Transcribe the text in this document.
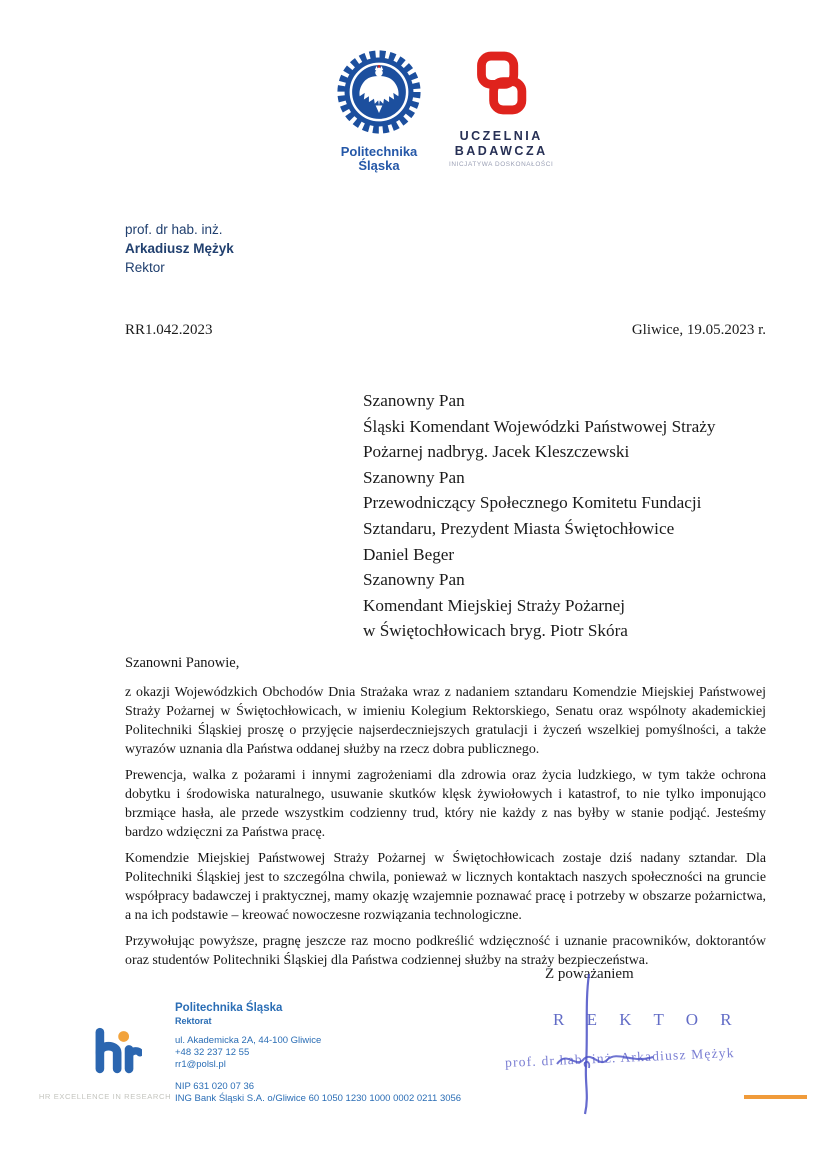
Politechnika
Śląska
UCZELNIA
BADAWCZA
INICJATYWA DOSKONAŁOŚCI
prof. dr hab. inż.
Arkadiusz Mężyk
Rektor
RR1.042.2023	Gliwice, 19.05.2023 r.
Szanowny Pan
Śląski Komendant Wojewódzki Państwowej Straży
Pożarnej nadbryg. Jacek Kleszczewski
Szanowny Pan
Przewodniczący Społecznego Komitetu Fundacji
Sztandaru, Prezydent Miasta Świętochłowice
Daniel Beger
Szanowny Pan
Komendant Miejskiej Straży Pożarnej
w Świętochłowicach bryg. Piotr Skóra
Szanowni Panowie,

z okazji Wojewódzkich Obchodów Dnia Strażaka wraz z nadaniem sztandaru Komendzie Miejskiej Państwowej Straży Pożarnej w Świętochłowicach, w imieniu Kolegium Rektorskiego, Senatu oraz wspólnoty akademickiej Politechniki Śląskiej proszę o przyjęcie najserdeczniejszych gratulacji i życzeń wszelkiej pomyślności, a także wyrazów uznania dla Państwa oddanej służby na rzecz dobra publicznego.

Prewencja, walka z pożarami i innymi zagrożeniami dla zdrowia oraz życia ludzkiego, w tym także ochrona dobytku i środowiska naturalnego, usuwanie skutków klęsk żywiołowych i katastrof, to nie tylko imponująco brzmiące hasła, ale przede wszystkim codzienny trud, który nie każdy z nas byłby w stanie podjąć. Jesteśmy bardzo wdzięczni za Państwa pracę.

Komendzie Miejskiej Państwowej Straży Pożarnej w Świętochłowicach zostaje dziś nadany sztandar. Dla Politechniki Śląskiej jest to szczególna chwila, ponieważ w licznych kontaktach naszych społeczności na gruncie współpracy badawczej i praktycznej, mamy okazję wzajemnie poznawać pracę i potrzeby w obszarze pożarnictwa, a na ich podstawie – kreować nowoczesne rozwiązania technologiczne.

Przywołując powyższe, pragnę jeszcze raz mocno podkreślić wdzięczność i uznanie pracowników, doktorantów oraz studentów Politechniki Śląskiej dla Państwa codziennej służby na straży bezpieczeństwa.

Z poważaniem
R E K T O R
prof. dr hab. inż. Arkadiusz Mężyk
HR EXCELLENCE IN RESEARCH
Politechnika Śląska
Rektorat
ul. Akademicka 2A, 44-100 Gliwice
+48 32 237 12 55
rr1@polsl.pl
NIP 631 020 07 36
ING Bank Śląski S.A. o/Gliwice 60 1050 1230 1000 0002 0211 3056
